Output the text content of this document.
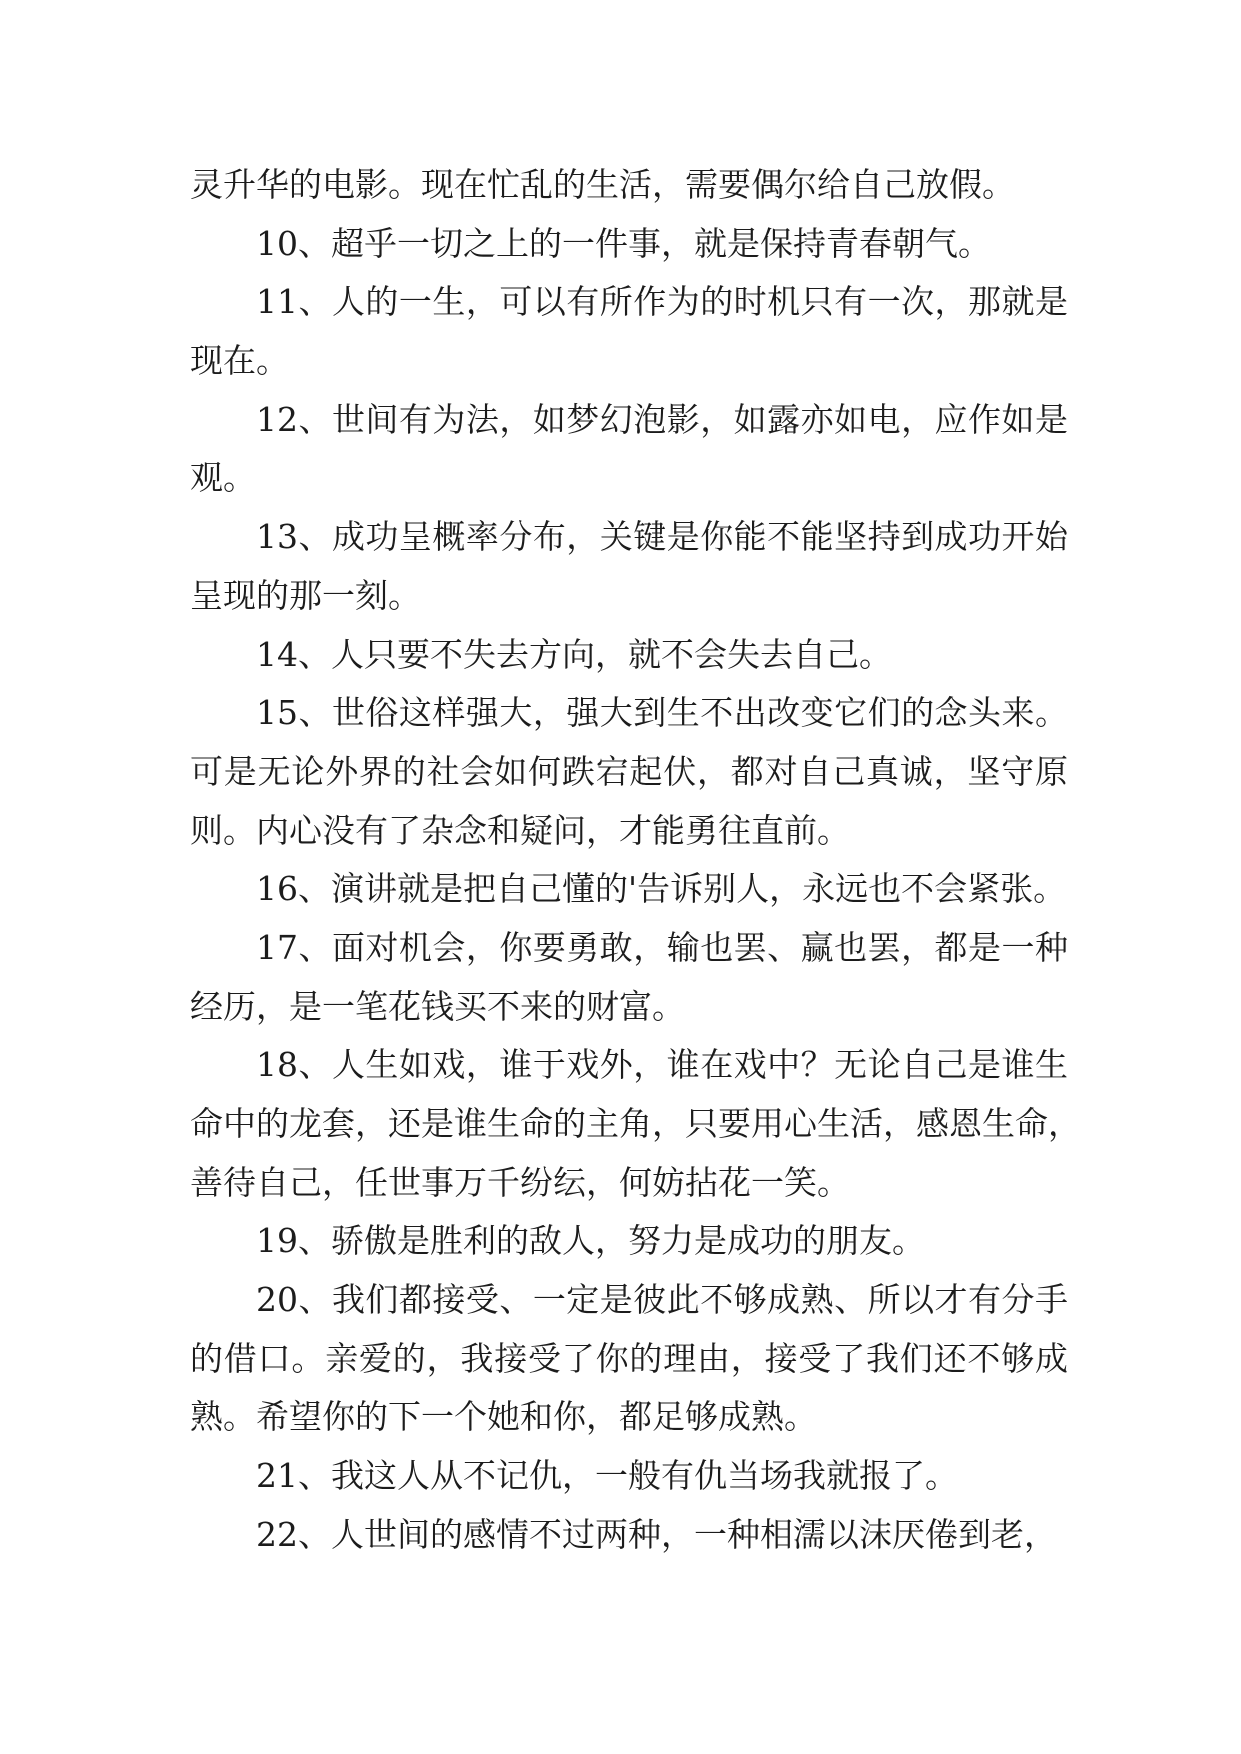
灵升华的电影。现在忙乱的生活，需要偶尔给自己放假。
10、超乎一切之上的一件事，就是保持青春朝气。
11、人的一生，可以有所作为的时机只有一次，那就是
现在。
12、世间有为法，如梦幻泡影，如露亦如电，应作如是
观。
13、成功呈概率分布，关键是你能不能坚持到成功开始
呈现的那一刻。
14、人只要不失去方向，就不会失去自己。
15、世俗这样强大，强大到生不出改变它们的念头来。
可是无论外界的社会如何跌宕起伏，都对自己真诚，坚守原
则。内心没有了杂念和疑问，才能勇往直前。
16、演讲就是把自己懂的'告诉别人，永远也不会紧张。
17、面对机会，你要勇敢，输也罢、赢也罢，都是一种
经历，是一笔花钱买不来的财富。
18、人生如戏，谁于戏外，谁在戏中？无论自己是谁生
命中的龙套，还是谁生命的主角，只要用心生活，感恩生命，
善待自己，任世事万千纷纭，何妨拈花一笑。
19、骄傲是胜利的敌人，努力是成功的朋友。
20、我们都接受、一定是彼此不够成熟、所以才有分手
的借口。亲爱的，我接受了你的理由，接受了我们还不够成
熟。希望你的下一个她和你，都足够成熟。
21、我这人从不记仇，一般有仇当场我就报了。
22、人世间的感情不过两种，一种相濡以沫厌倦到老，
